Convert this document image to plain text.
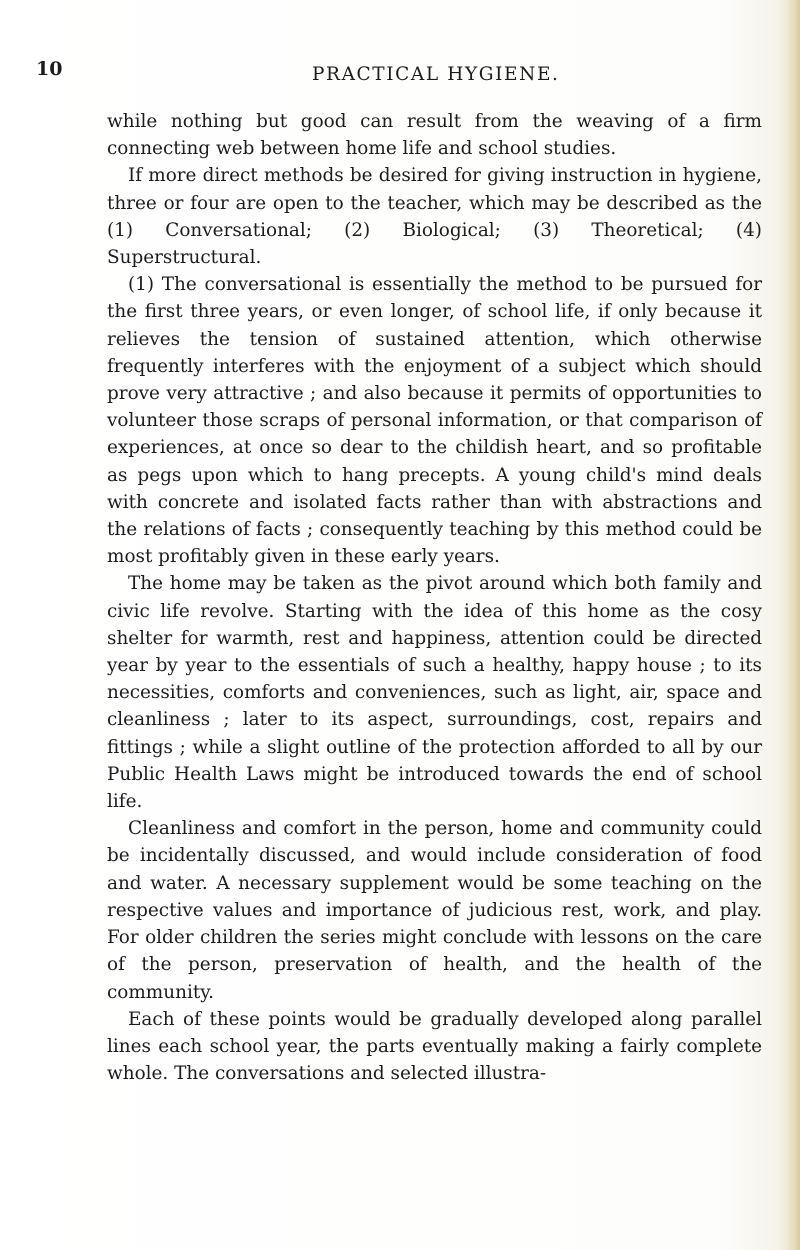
10	PRACTICAL HYGIENE.

while nothing but good can result from the weaving of a firm connecting web between home life and school studies.

If more direct methods be desired for giving instruction in hygiene, three or four are open to the teacher, which may be described as the (1) Conversational; (2) Biological; (3) Theoretical; (4) Superstructural.

(1) The conversational is essentially the method to be pursued for the first three years, or even longer, of school life, if only because it relieves the tension of sustained attention, which otherwise frequently interferes with the enjoyment of a subject which should prove very attractive ; and also because it permits of opportunities to volunteer those scraps of personal information, or that comparison of experiences, at once so dear to the childish heart, and so profitable as pegs upon which to hang precepts. A young child's mind deals with concrete and isolated facts rather than with abstractions and the relations of facts ; consequently teaching by this method could be most profitably given in these early years.

The home may be taken as the pivot around which both family and civic life revolve. Starting with the idea of this home as the cosy shelter for warmth, rest and happiness, attention could be directed year by year to the essentials of such a healthy, happy house ; to its necessities, comforts and conveniences, such as light, air, space and cleanliness ; later to its aspect, surroundings, cost, repairs and fittings ; while a slight outline of the protection afforded to all by our Public Health Laws might be introduced towards the end of school life.

Cleanliness and comfort in the person, home and community could be incidentally discussed, and would include consideration of food and water. A necessary supplement would be some teaching on the respective values and importance of judicious rest, work, and play. For older children the series might conclude with lessons on the care of the person, preservation of health, and the health of the community.

Each of these points would be gradually developed along parallel lines each school year, the parts eventually making a fairly complete whole. The conversations and selected illustra-
